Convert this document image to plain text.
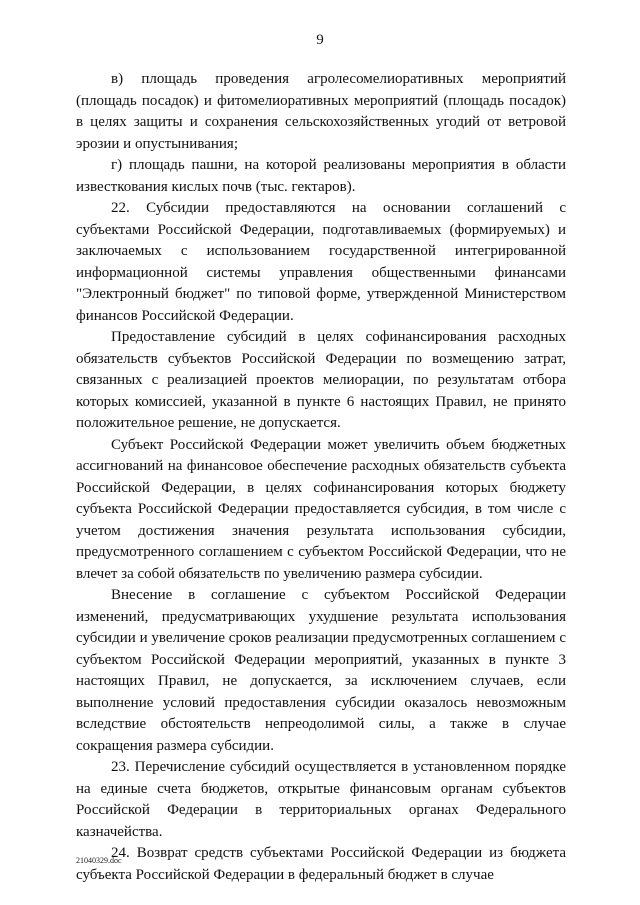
9

в) площадь проведения агролесомелиоративных мероприятий (площадь посадок) и фитомелиоративных мероприятий (площадь посадок) в целях защиты и сохранения сельскохозяйственных угодий от ветровой эрозии и опустынивания;

г) площадь пашни, на которой реализованы мероприятия в области известкования кислых почв (тыс. гектаров).

22. Субсидии предоставляются на основании соглашений с субъектами Российской Федерации, подготавливаемых (формируемых) и заключаемых с использованием государственной интегрированной информационной системы управления общественными финансами "Электронный бюджет" по типовой форме, утвержденной Министерством финансов Российской Федерации.

Предоставление субсидий в целях софинансирования расходных обязательств субъектов Российской Федерации по возмещению затрат, связанных с реализацией проектов мелиорации, по результатам отбора которых комиссией, указанной в пункте 6 настоящих Правил, не принято положительное решение, не допускается.

Субъект Российской Федерации может увеличить объем бюджетных ассигнований на финансовое обеспечение расходных обязательств субъекта Российской Федерации, в целях софинансирования которых бюджету субъекта Российской Федерации предоставляется субсидия, в том числе с учетом достижения значения результата использования субсидии, предусмотренного соглашением с субъектом Российской Федерации, что не влечет за собой обязательств по увеличению размера субсидии.

Внесение в соглашение с субъектом Российской Федерации изменений, предусматривающих ухудшение результата использования субсидии и увеличение сроков реализации предусмотренных соглашением с субъектом Российской Федерации мероприятий, указанных в пункте 3 настоящих Правил, не допускается, за исключением случаев, если выполнение условий предоставления субсидии оказалось невозможным вследствие обстоятельств непреодолимой силы, а также в случае сокращения размера субсидии.

23. Перечисление субсидий осуществляется в установленном порядке на единые счета бюджетов, открытые финансовым органам субъектов Российской Федерации в территориальных органах Федерального казначейства.

24. Возврат средств субъектами Российской Федерации из бюджета субъекта Российской Федерации в федеральный бюджет в случае

21040329.doc
